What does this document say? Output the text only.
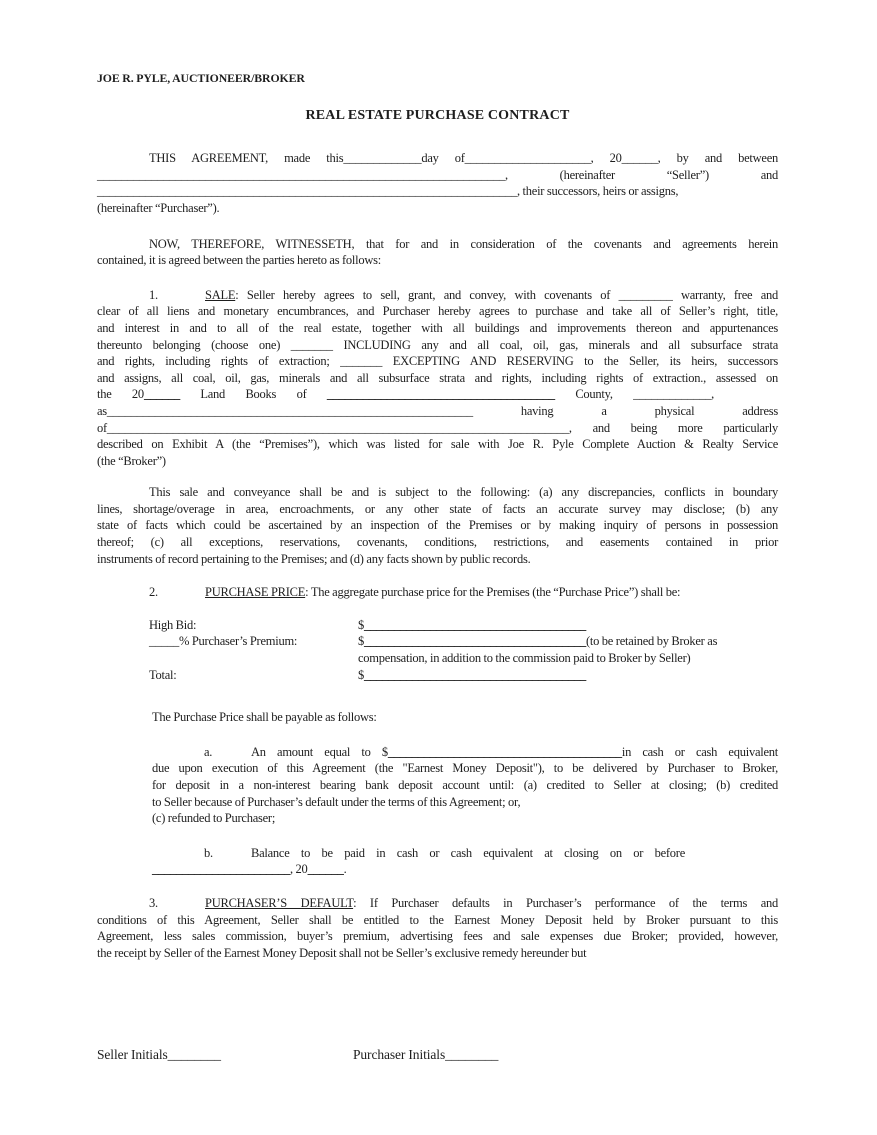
JOE R. PYLE, AUCTIONEER/BROKER
REAL ESTATE PURCHASE CONTRACT
THIS AGREEMENT, made this_____________day of_____________________, 20______, by and between
____________________________________________________________________, (hereinafter “Seller”) and
______________________________________________________________________, their successors, heirs or assigns,
(hereinafter “Purchaser”).
NOW, THEREFORE, WITNESSETH, that for and in consideration of the covenants and agreements herein
contained, it is agreed between the parties hereto as follows:
1.	SALE: Seller hereby agrees to sell, grant, and convey, with covenants of _________ warranty, free and
clear of all liens and monetary encumbrances, and Purchaser hereby agrees to purchase and take all of Seller’s right, title,
and interest in and to all of the real estate, together with all buildings and improvements thereon and appurtenances
thereunto belonging (choose one) _______ INCLUDING any and all coal, oil, gas, minerals and all subsurface strata
and rights, including rights of extraction; _______ EXCEPTING AND RESERVING to the Seller, its heirs, successors
and assigns, all coal, oil, gas, minerals and all subsurface strata and rights, including rights of extraction., assessed on
the 20______ Land Books of ______________________________________ County, _____________,
as_____________________________________________________________ having a physical address
of_____________________________________________________________________________, and being more particularly
described on Exhibit A (the “Premises”), which was listed for sale with Joe R. Pyle Complete Auction & Realty Service
(the “Broker”)
This sale and conveyance shall be and is subject to the following: (a) any discrepancies, conflicts in boundary
lines, shortage/overage in area, encroachments, or any other state of facts an accurate survey may disclose; (b) any
state of facts which could be ascertained by an inspection of the Premises or by making inquiry of persons in possession
thereof; (c) all exceptions, reservations, covenants, conditions, restrictions, and easements contained in prior
instruments of record pertaining to the Premises; and (d) any facts shown by public records.
2.	PURCHASE PRICE: The aggregate purchase price for the Premises (the “Purchase Price”) shall be:
High Bid:	$_____________________________________
_____% Purchaser’s Premium:	$_____________________________________(to be retained by Broker as
compensation, in addition to the commission paid to Broker by Seller)
Total:	$_____________________________________
The Purchase Price shall be payable as follows:
a.	An amount equal to $_______________________________________in cash or cash equivalent
due upon execution of this Agreement (the "Earnest Money Deposit"), to be delivered by Purchaser to Broker,
for deposit in a non-interest bearing bank deposit account until: (a) credited to Seller at closing; (b) credited
to Seller because of Purchaser’s default under the terms of this Agreement; or,
(c) refunded to Purchaser;
b.	Balance to be paid in cash or cash equivalent at closing on or before
_______________________, 20______.
3.	PURCHASER’S DEFAULT: If Purchaser defaults in Purchaser’s performance of the terms and
conditions of this Agreement, Seller shall be entitled to the Earnest Money Deposit held by Broker pursuant to this
Agreement, less sales commission, buyer’s premium, advertising fees and sale expenses due Broker; provided, however,
the receipt by Seller of the Earnest Money Deposit shall not be Seller’s exclusive remedy hereunder but
Seller Initials________	Purchaser Initials________
